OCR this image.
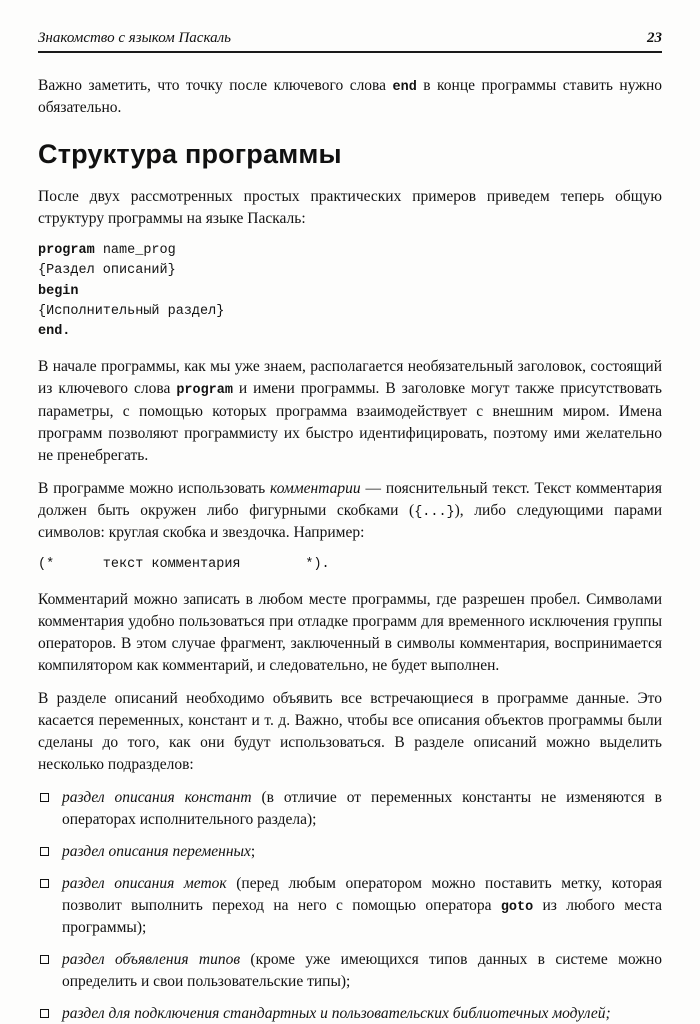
Знакомство с языком Паскаль	23

Важно заметить, что точку после ключевого слова end в конце программы ставить нужно обязательно.

Структура программы

После двух рассмотренных простых практических примеров приведем теперь общую структуру программы на языке Паскаль:

program name_prog
{Раздел описаний}
begin
{Исполнительный раздел}
end.

В начале программы, как мы уже знаем, располагается необязательный заголовок, состоящий из ключевого слова program и имени программы. В заголовке могут также присутствовать параметры, с помощью которых программа взаимодействует с внешним миром. Имена программ позволяют программисту их быстро идентифицировать, поэтому ими желательно не пренебрегать.

В программе можно использовать комментарии — пояснительный текст. Текст комментария должен быть окружен либо фигурными скобками ({...}), либо следующими парами символов: круглая скобка и звездочка. Например:

(*      текст комментария        *).

Комментарий можно записать в любом месте программы, где разрешен пробел. Символами комментария удобно пользоваться при отладке программ для временного исключения группы операторов. В этом случае фрагмент, заключенный в символы комментария, воспринимается компилятором как комментарий, и следовательно, не будет выполнен.

В разделе описаний необходимо объявить все встречающиеся в программе данные. Это касается переменных, констант и т. д. Важно, чтобы все описания объектов программы были сделаны до того, как они будут использоваться. В разделе описаний можно выделить несколько подразделов:

раздел описания констант (в отличие от переменных константы не изменяются в операторах исполнительного раздела);
раздел описания переменных;
раздел описания меток (перед любым оператором можно поставить метку, которая позволит выполнить переход на него с помощью оператора goto из любого места программы);
раздел объявления типов (кроме уже имеющихся типов данных в системе можно определить и свои пользовательские типы);
раздел для подключения стандартных и пользовательских библиотечных модулей;
